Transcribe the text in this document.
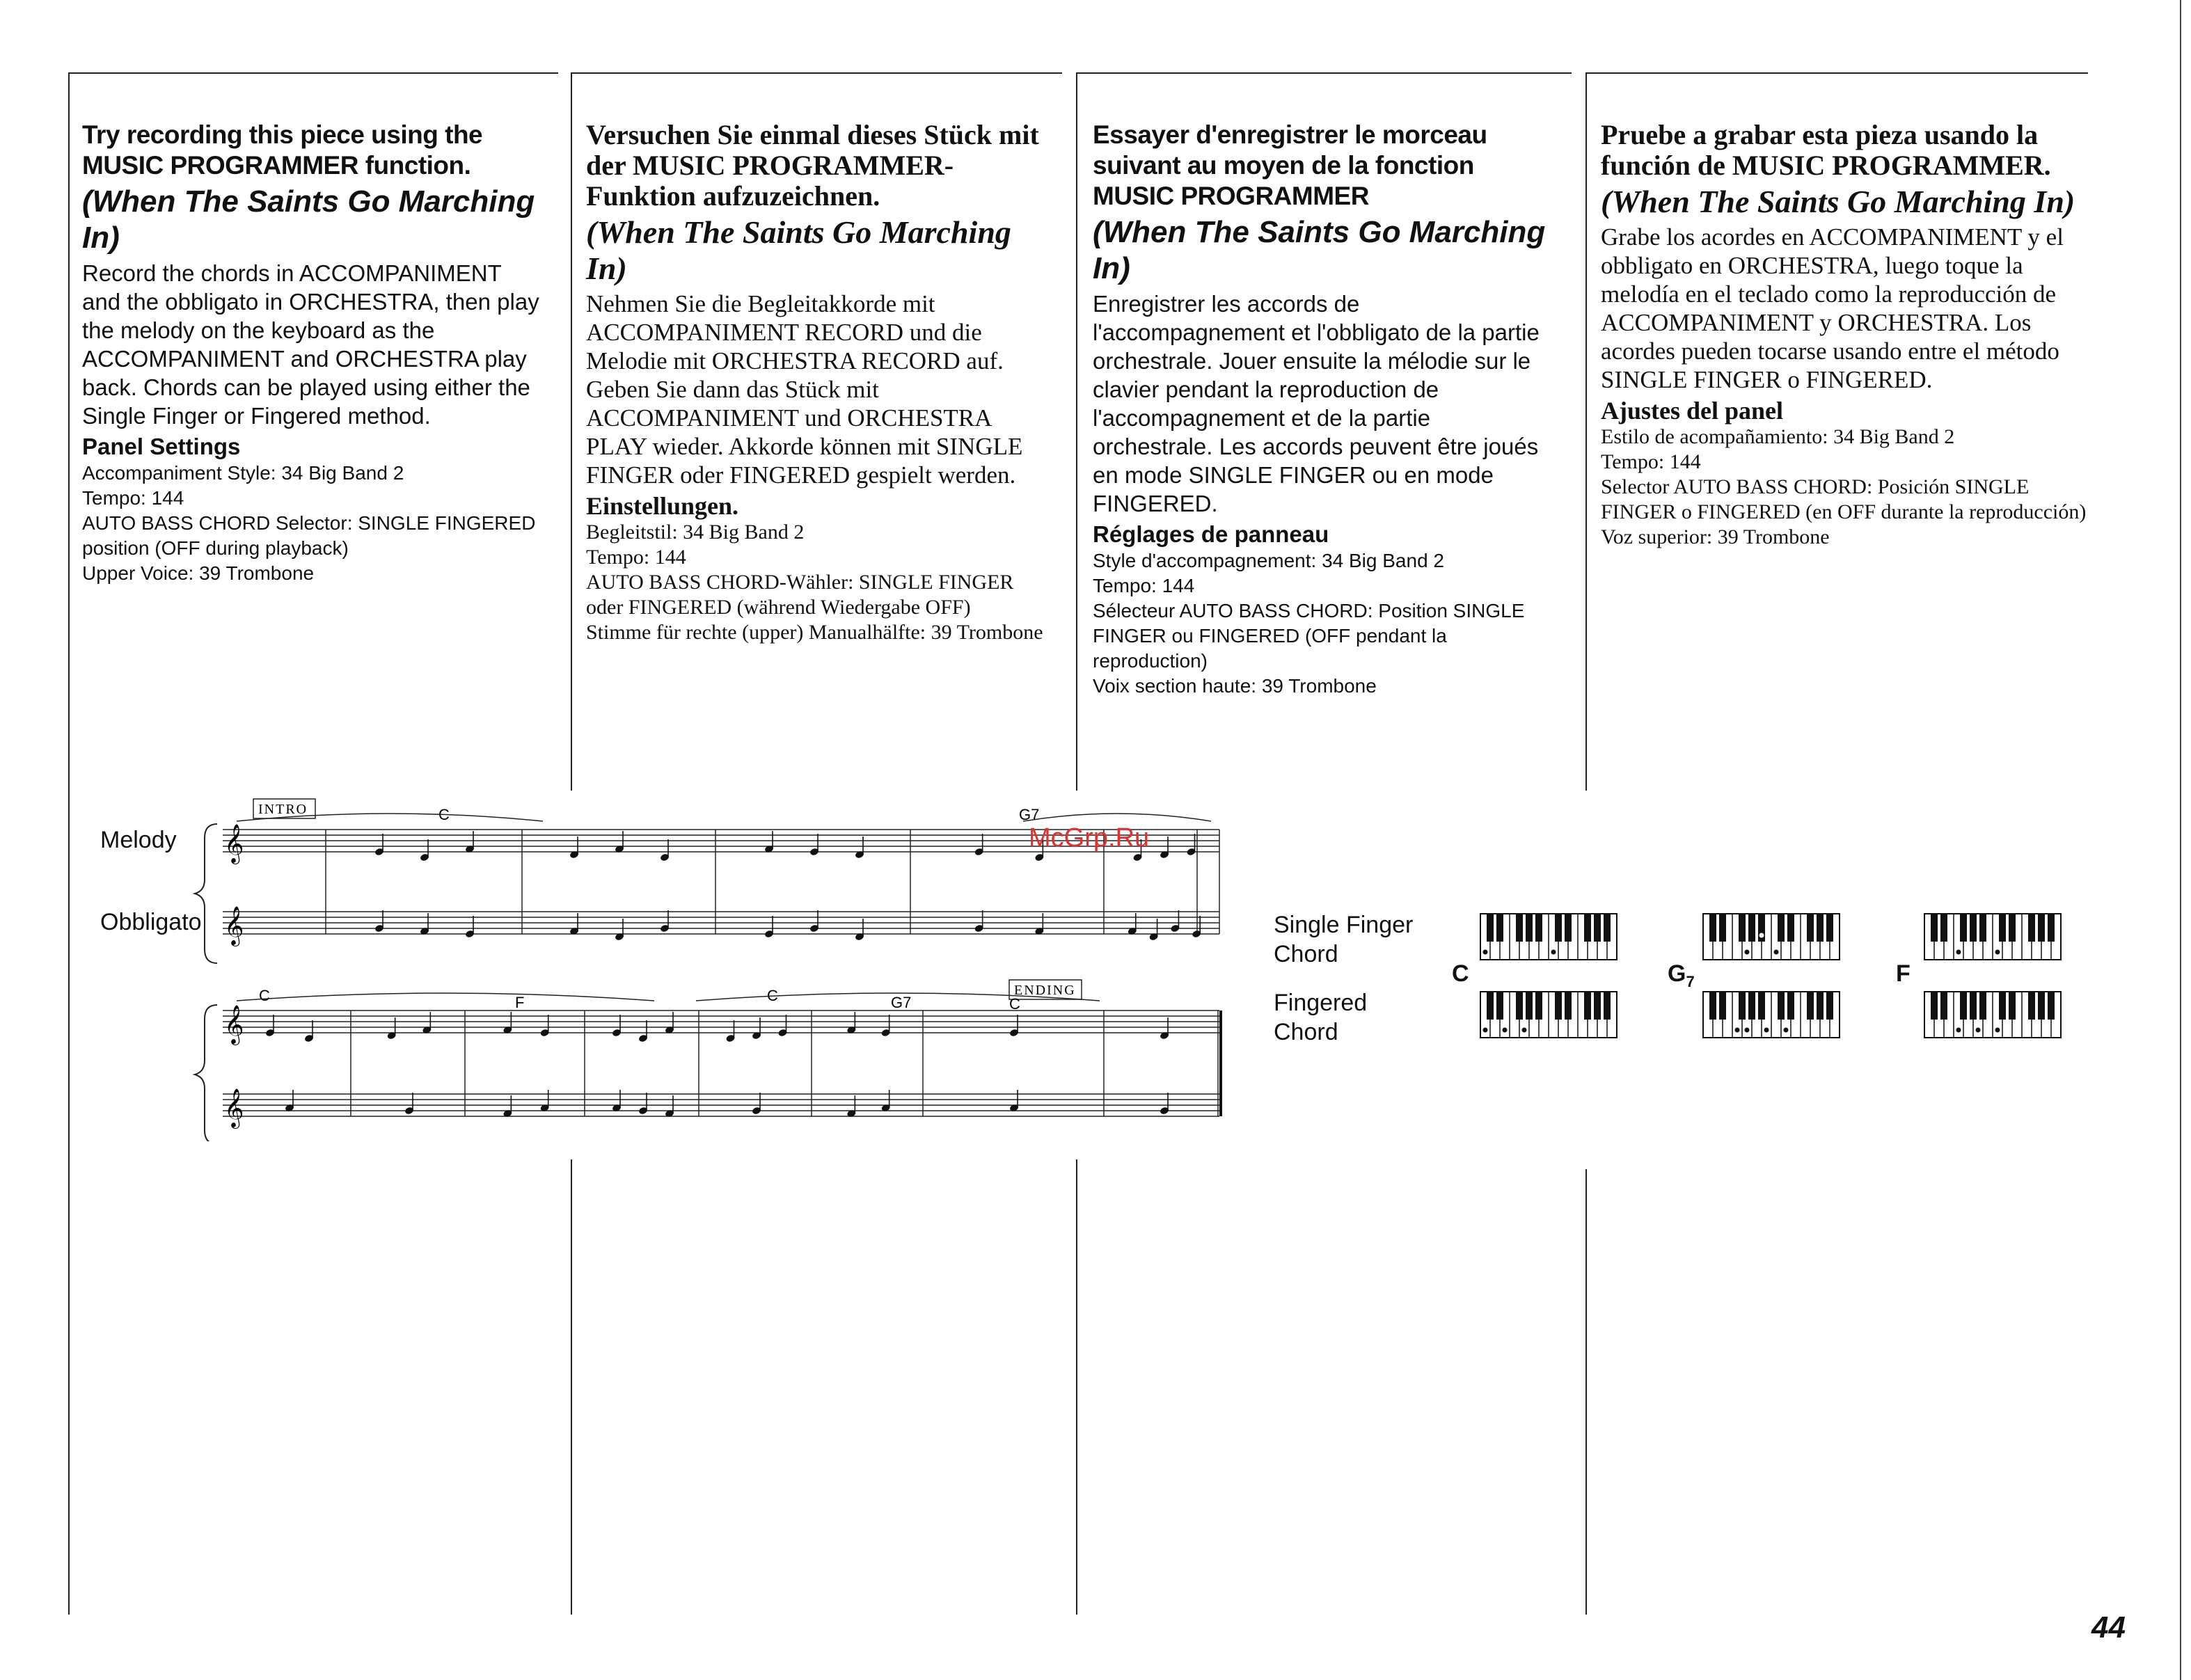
Try recording this piece using the MUSIC PROGRAMMER function.
(When The Saints Go Marching In)

Record the chords in ACCOMPANIMENT and the obbligato in ORCHESTRA, then play the melody on the keyboard as the ACCOMPANIMENT and ORCHESTRA play back. Chords can be played using either the Single Finger or Fingered method.

Panel Settings
Accompaniment Style: 34 Big Band 2
Tempo: 144
AUTO BASS CHORD Selector: SINGLE FINGERED position (OFF during playback)
Upper Voice: 39 Trombone
Versuchen Sie einmal dieses Stück mit der MUSIC PROGRAMMER-Funktion aufzuzeichnen.
(When The Saints Go Marching In)

Nehmen Sie die Begleitakkorde mit ACCOMPANIMENT RECORD und die Melodie mit ORCHESTRA RECORD auf. Geben Sie dann das Stück mit ACCOMPANIMENT und ORCHESTRA PLAY wieder. Akkorde können mit SINGLE FINGER oder FINGERED gespielt werden.

Einstellungen.
Begleitstil: 34 Big Band 2
Tempo: 144
AUTO BASS CHORD-Wähler: SINGLE FINGER oder FINGERED (während Wiedergabe OFF)
Stimme für rechte (upper) Manualhälfte: 39 Trombone
Essayer d'enregistrer le morceau suivant au moyen de la fonction MUSIC PROGRAMMER
(When The Saints Go Marching In)

Enregistrer les accords de l'accompagnement et l'obbligato de la partie orchestrale. Jouer ensuite la mélodie sur le clavier pendant la reproduction de l'accompagnement et de la partie orchestrale. Les accords peuvent être joués en mode SINGLE FINGER ou en mode FINGERED.

Réglages de panneau
Style d'accompagnement: 34 Big Band 2
Tempo: 144
Sélecteur AUTO BASS CHORD: Position SINGLE FINGER ou FINGERED (OFF pendant la reproduction)
Voix section haute: 39 Trombone
Pruebe a grabar esta pieza usando la función de MUSIC PROGRAMMER.
(When The Saints Go Marching In)

Grabe los acordes en ACCOMPANIMENT y el obbligato en ORCHESTRA, luego toque la melodía en el teclado como la reproducción de ACCOMPANIMENT y ORCHESTRA. Los acordes pueden tocarse usando entre el método SINGLE FINGER o FINGERED.

Ajustes del panel
Estilo de acompañamiento: 34 Big Band 2
Tempo: 144
Selector AUTO BASS CHORD: Posición SINGLE FINGER o FINGERED (en OFF durante la reproducción)
Voz superior: 39 Trombone
Melody
Obbligato
𝄞
𝄞
INTRO	C	G7
𝄞
𝄞
ENDING
C	F	C	G7	C
Single Finger Chord
Fingered Chord
C	$G_7$	F
McGrp.Ru
44
